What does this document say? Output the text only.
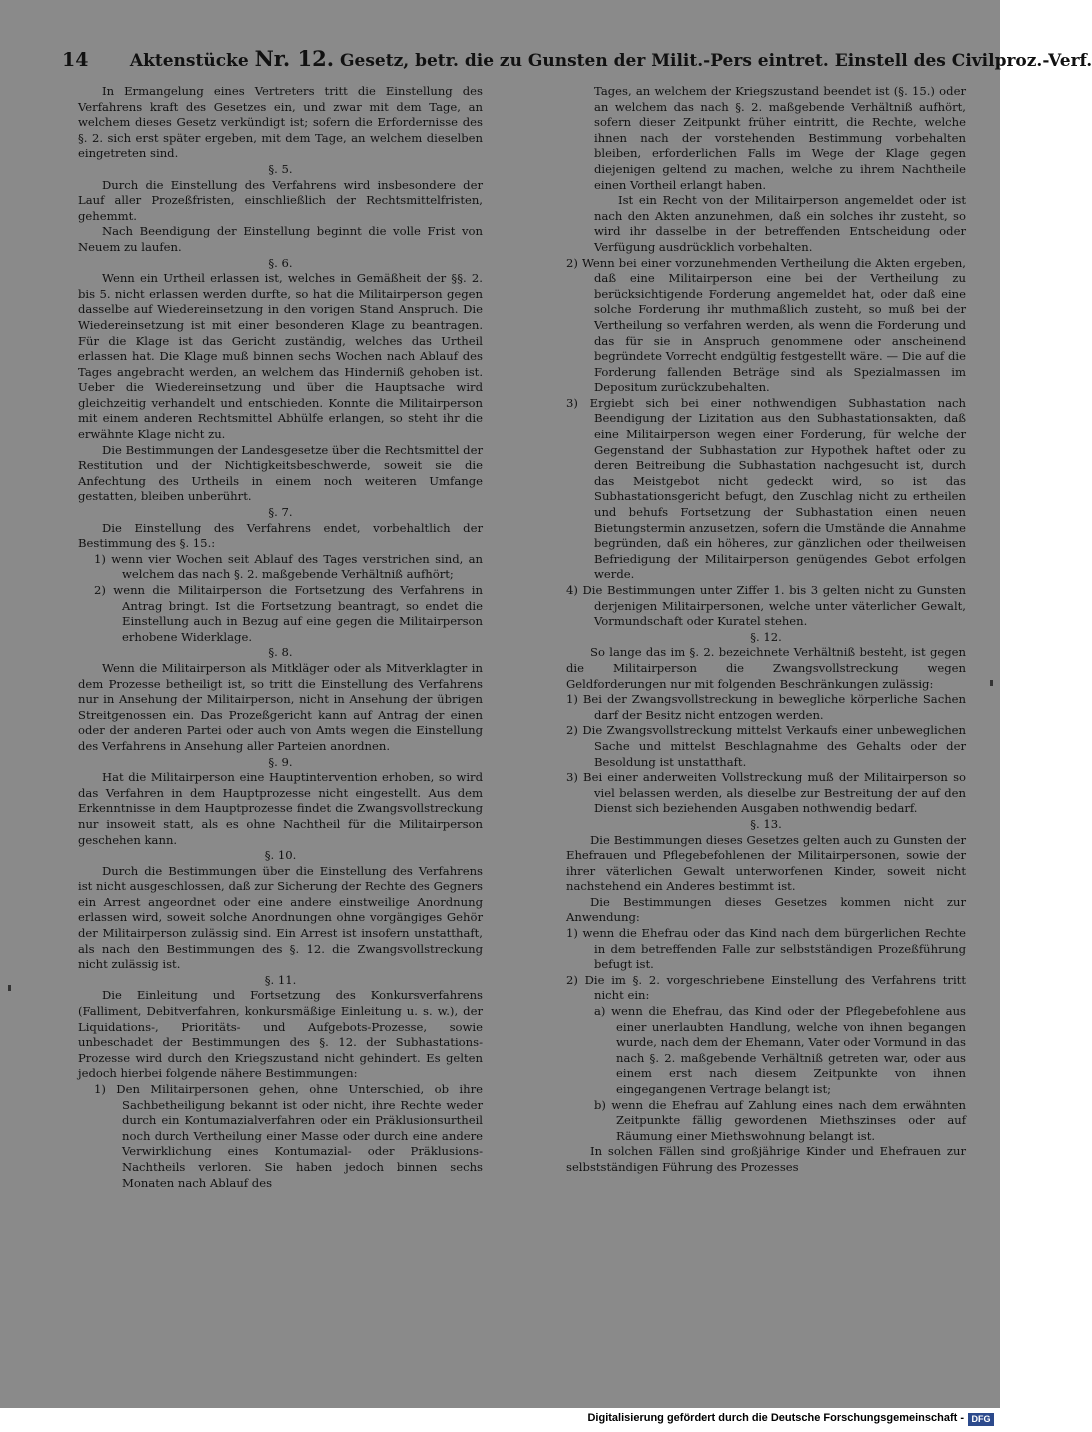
14 Aktenstücke Nr. 12. Gesetz, betr. die zu Gunsten der Milit.-Pers eintret. Einstell des Civilproz.-Verf.

In Ermangelung eines Vertreters tritt die Einstellung des Verfahrens kraft des Gesetzes ein, und zwar mit dem Tage, an welchem dieses Gesetz verkündigt ist; sofern die Erfordernisse des §. 2. sich erst später ergeben, mit dem Tage, an welchem dieselben eingetreten sind.

§. 5.

Durch die Einstellung des Verfahrens wird insbesondere der Lauf aller Prozeßfristen, einschließlich der Rechtsmittelfristen, gehemmt.

Nach Beendigung der Einstellung beginnt die volle Frist von Neuem zu laufen.

§. 6.

Wenn ein Urtheil erlassen ist, welches in Gemäßheit der §§. 2. bis 5. nicht erlassen werden durfte, so hat die Militairperson gegen dasselbe auf Wiedereinsetzung in den vorigen Stand Anspruch. Die Wiedereinsetzung ist mit einer besonderen Klage zu beantragen. Für die Klage ist das Gericht zuständig, welches das Urtheil erlassen hat. Die Klage muß binnen sechs Wochen nach Ablauf des Tages angebracht werden, an welchem das Hinderniß gehoben ist. Ueber die Wiedereinsetzung und über die Hauptsache wird gleichzeitig verhandelt und entschieden. Konnte die Militairperson mit einem anderen Rechtsmittel Abhülfe erlangen, so steht ihr die erwähnte Klage nicht zu.

Die Bestimmungen der Landesgesetze über die Rechtsmittel der Restitution und der Nichtigkeitsbeschwerde, soweit sie die Anfechtung des Urtheils in einem noch weiteren Umfange gestatten, bleiben unberührt.

§. 7.

Die Einstellung des Verfahrens endet, vorbehaltlich der Bestimmung des §. 15.:

1) wenn vier Wochen seit Ablauf des Tages verstrichen sind, an welchem das nach §. 2. maßgebende Verhältniß aufhört;

2) wenn die Militairperson die Fortsetzung des Verfahrens in Antrag bringt. Ist die Fortsetzung beantragt, so endet die Einstellung auch in Bezug auf eine gegen die Militairperson erhobene Widerklage.

§. 8.

Wenn die Militairperson als Mitkläger oder als Mitverklagter in dem Prozesse betheiligt ist, so tritt die Einstellung des Verfahrens nur in Ansehung der Militairperson, nicht in Ansehung der übrigen Streitgenossen ein. Das Prozeßgericht kann auf Antrag der einen oder der anderen Partei oder auch von Amts wegen die Einstellung des Verfahrens in Ansehung aller Parteien anordnen.

§. 9.

Hat die Militairperson eine Hauptintervention erhoben, so wird das Verfahren in dem Hauptprozesse nicht eingestellt. Aus dem Erkenntnisse in dem Hauptprozesse findet die Zwangsvollstreckung nur insoweit statt, als es ohne Nachtheil für die Militairperson geschehen kann.

§. 10.

Durch die Bestimmungen über die Einstellung des Verfahrens ist nicht ausgeschlossen, daß zur Sicherung der Rechte des Gegners ein Arrest angeordnet oder eine andere einstweilige Anordnung erlassen wird, soweit solche Anordnungen ohne vorgängiges Gehör der Militairperson zulässig sind. Ein Arrest ist insofern unstatthaft, als nach den Bestimmungen des §. 12. die Zwangsvollstreckung nicht zulässig ist.

§. 11.

Die Einleitung und Fortsetzung des Konkursverfahrens (Falliment, Debitverfahren, konkursmäßige Einleitung u. s. w.), der Liquidations-, Prioritäts- und Aufgebots-Prozesse, sowie unbeschadet der Bestimmungen des §. 12. der Subhastations-Prozesse wird durch den Kriegszustand nicht gehindert. Es gelten jedoch hierbei folgende nähere Bestimmungen:

1) Den Militairpersonen gehen, ohne Unterschied, ob ihre Sachbetheiligung bekannt ist oder nicht, ihre Rechte weder durch ein Kontumazialverfahren oder ein Präklusionsurtheil noch durch Vertheilung einer Masse oder durch eine andere Verwirklichung eines Kontumazial- oder Präklusions-Nachtheils verloren. Sie haben jedoch binnen sechs Monaten nach Ablauf des

Tages, an welchem der Kriegszustand beendet ist (§. 15.) oder an welchem das nach §. 2. maßgebende Verhältniß aufhört, sofern dieser Zeitpunkt früher eintritt, die Rechte, welche ihnen nach der vorstehenden Bestimmung vorbehalten bleiben, erforderlichen Falls im Wege der Klage gegen diejenigen geltend zu machen, welche zu ihrem Nachtheile einen Vortheil erlangt haben.

Ist ein Recht von der Militairperson angemeldet oder ist nach den Akten anzunehmen, daß ein solches ihr zusteht, so wird ihr dasselbe in der betreffenden Entscheidung oder Verfügung ausdrücklich vorbehalten.

2) Wenn bei einer vorzunehmenden Vertheilung die Akten ergeben, daß eine Militairperson eine bei der Vertheilung zu berücksichtigende Forderung angemeldet hat, oder daß eine solche Forderung ihr muthmaßlich zusteht, so muß bei der Vertheilung so verfahren werden, als wenn die Forderung und das für sie in Anspruch genommene oder anscheinend begründete Vorrecht endgültig festgestellt wäre. — Die auf die Forderung fallenden Beträge sind als Spezialmassen im Depositum zurückzubehalten.

3) Ergiebt sich bei einer nothwendigen Subhastation nach Beendigung der Lizitation aus den Subhastationsakten, daß eine Militairperson wegen einer Forderung, für welche der Gegenstand der Subhastation zur Hypothek haftet oder zu deren Beitreibung die Subhastation nachgesucht ist, durch das Meistgebot nicht gedeckt wird, so ist das Subhastationsgericht befugt, den Zuschlag nicht zu ertheilen und behufs Fortsetzung der Subhastation einen neuen Bietungstermin anzusetzen, sofern die Umstände die Annahme begründen, daß ein höheres, zur gänzlichen oder theilweisen Befriedigung der Militairperson genügendes Gebot erfolgen werde.

4) Die Bestimmungen unter Ziffer 1. bis 3 gelten nicht zu Gunsten derjenigen Militairpersonen, welche unter väterlicher Gewalt, Vormundschaft oder Kuratel stehen.

§. 12.

So lange das im §. 2. bezeichnete Verhältniß besteht, ist gegen die Militairperson die Zwangsvollstreckung wegen Geldforderungen nur mit folgenden Beschränkungen zulässig:

1) Bei der Zwangsvollstreckung in bewegliche körperliche Sachen darf der Besitz nicht entzogen werden.

2) Die Zwangsvollstreckung mittelst Verkaufs einer unbeweglichen Sache und mittelst Beschlagnahme des Gehalts oder der Besoldung ist unstatthaft.

3) Bei einer anderweiten Vollstreckung muß der Militairperson so viel belassen werden, als dieselbe zur Bestreitung der auf den Dienst sich beziehenden Ausgaben nothwendig bedarf.

§. 13.

Die Bestimmungen dieses Gesetzes gelten auch zu Gunsten der Ehefrauen und Pflegebefohlenen der Militairpersonen, sowie der ihrer väterlichen Gewalt unterworfenen Kinder, soweit nicht nachstehend ein Anderes bestimmt ist.

Die Bestimmungen dieses Gesetzes kommen nicht zur Anwendung:

1) wenn die Ehefrau oder das Kind nach dem bürgerlichen Rechte in dem betreffenden Falle zur selbstständigen Prozeßführung befugt ist.

2) Die im §. 2. vorgeschriebene Einstellung des Verfahrens tritt nicht ein:

a) wenn die Ehefrau, das Kind oder der Pflegebefohlene aus einer unerlaubten Handlung, welche von ihnen begangen wurde, nach dem der Ehemann, Vater oder Vormund in das nach §. 2. maßgebende Verhältniß getreten war, oder aus einem erst nach diesem Zeitpunkte von ihnen eingegangenen Vertrage belangt ist;

b) wenn die Ehefrau auf Zahlung eines nach dem erwähnten Zeitpunkte fällig gewordenen Miethszinses oder auf Räumung einer Miethswohnung belangt ist.

In solchen Fällen sind großjährige Kinder und Ehefrauen zur selbstständigen Führung des Prozesses

Digitalisierung gefördert durch die Deutsche Forschungsgemeinschaft - DFG
